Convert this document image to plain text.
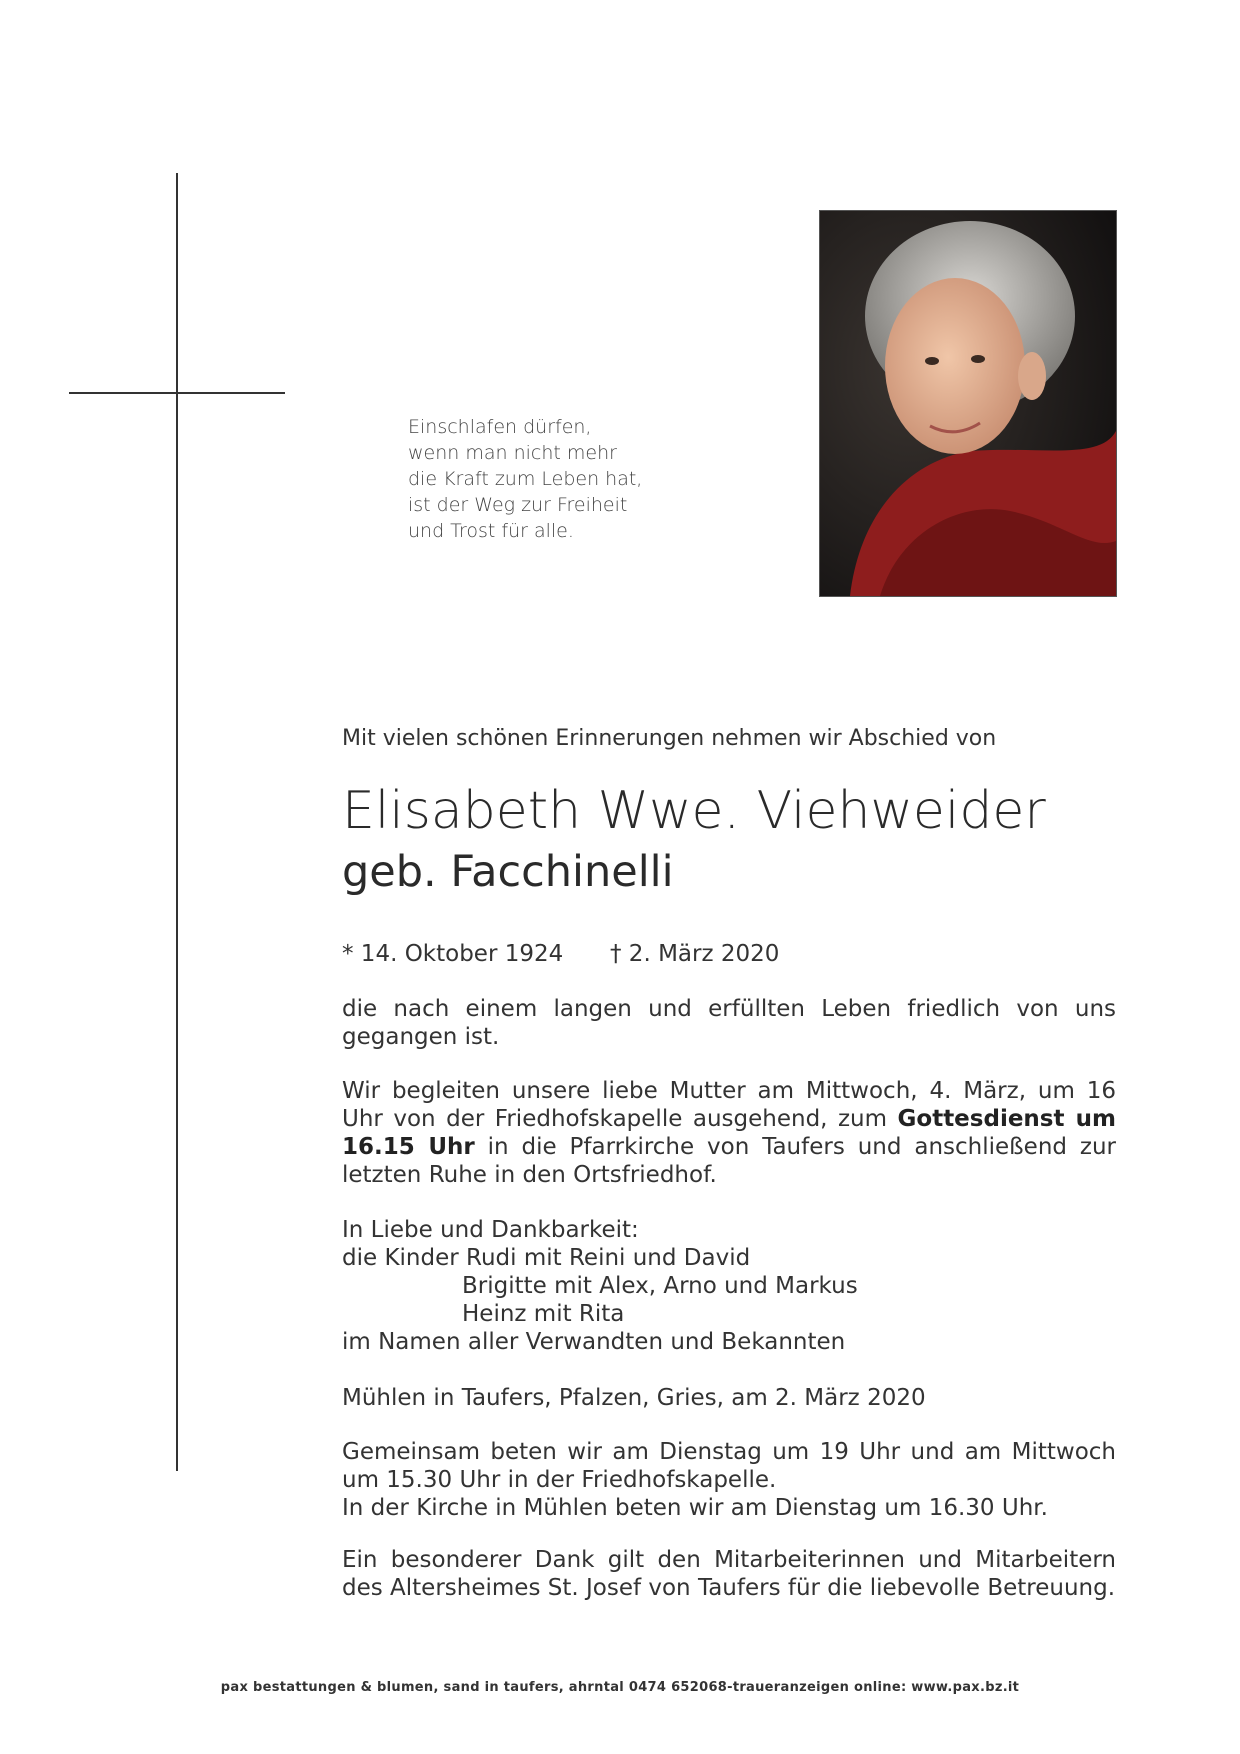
Einschlafen dürfen,
wenn man nicht mehr
die Kraft zum Leben hat,
ist der Weg zur Freiheit
und Trost für alle.
Mit vielen schönen Erinnerungen nehmen wir Abschied von
Elisabeth Wwe. Viehweider
geb. Facchinelli
* 14. Oktober 1924 † 2. März 2020
die nach einem langen und erfüllten Leben friedlich von uns gegangen ist.
Wir begleiten unsere liebe Mutter am Mittwoch, 4. März, um 16 Uhr von der Friedhofskapelle ausgehend, zum Gottesdienst um 16.15 Uhr in die Pfarrkirche von Taufers und anschließend zur letzten Ruhe in den Ortsfriedhof.
In Liebe und Dankbarkeit:
die Kinder Rudi mit Reini und David
Brigitte mit Alex, Arno und Markus
Heinz mit Rita
im Namen aller Verwandten und Bekannten
Mühlen in Taufers, Pfalzen, Gries, am 2. März 2020
Gemeinsam beten wir am Dienstag um 19 Uhr und am Mittwoch um 15.30 Uhr in der Friedhofskapelle.
In der Kirche in Mühlen beten wir am Dienstag um 16.30 Uhr.
Ein besonderer Dank gilt den Mitarbeiterinnen und Mitarbeitern des Altersheimes St. Josef von Taufers für die liebevolle Betreuung.
pax bestattungen & blumen, sand in taufers, ahrntal 0474 652068-traueranzeigen online: www.pax.bz.it
